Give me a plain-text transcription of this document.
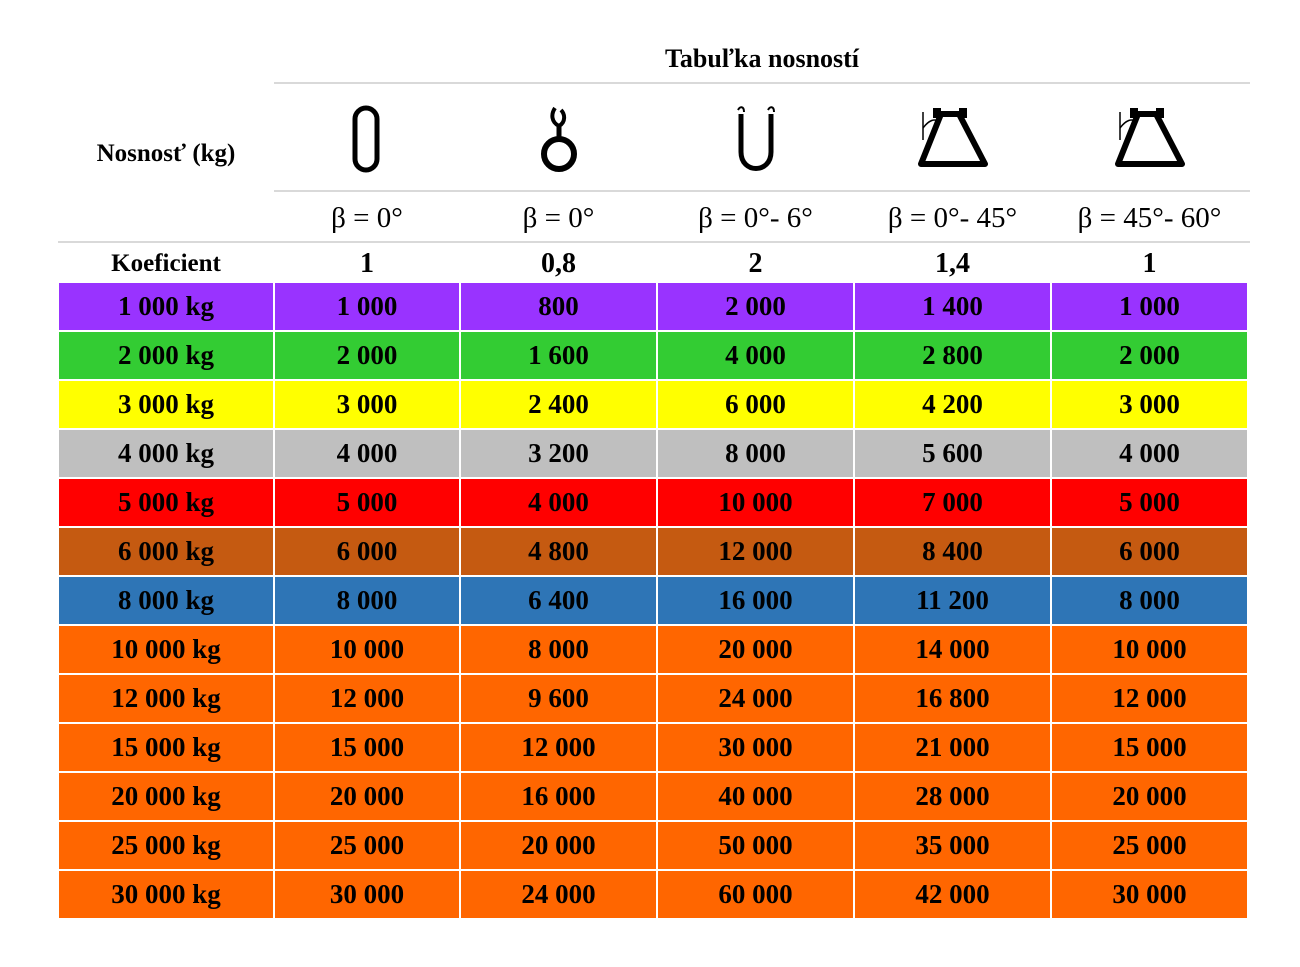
Tabuľka nosností
Nosnosť (kg)
β = 0°	β = 0°	β = 0°- 6°	β = 0°- 45°	β = 45°- 60°
Koeficient	1	0,8	2	1,4	1
1 000 kg	1 000	800	2 000	1 400	1 000
2 000 kg	2 000	1 600	4 000	2 800	2 000
3 000 kg	3 000	2 400	6 000	4 200	3 000
4 000 kg	4 000	3 200	8 000	5 600	4 000
5 000 kg	5 000	4 000	10 000	7 000	5 000
6 000 kg	6 000	4 800	12 000	8 400	6 000
8 000 kg	8 000	6 400	16 000	11 200	8 000
10 000 kg	10 000	8 000	20 000	14 000	10 000
12 000 kg	12 000	9 600	24 000	16 800	12 000
15 000 kg	15 000	12 000	30 000	21 000	15 000
20 000 kg	20 000	16 000	40 000	28 000	20 000
25 000 kg	25 000	20 000	50 000	35 000	25 000
30 000 kg	30 000	24 000	60 000	42 000	30 000
